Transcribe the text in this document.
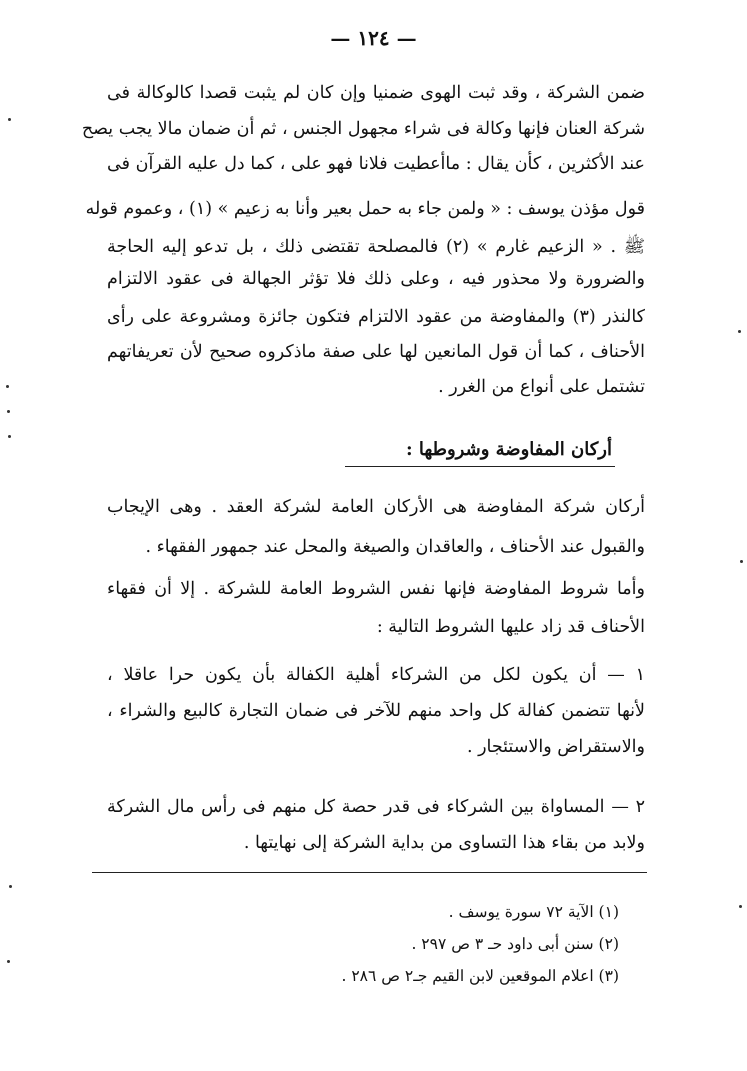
— ١٢٤ —
ضمن الشركة ، وقد ثبت الهوى ضمنيا وإن كان لم يثبت قصدا كالوكالة فى
شركة العنان فإنها وكالة فى شراء مجهول الجنس ، ثم أن ضمان مالا يجب يصح
عند الأكثرين ، كأن يقال : ماأعطيت فلانا فهو على ، كما دل عليه القرآن فى
قول مؤذن يوسف : « ولمن جاء به حمل بعير وأنا به زعيم » (١) ، وعموم قوله
ﷺ . « الزعيم غارم » (٢) فالمصلحة تقتضى ذلك ، بل تدعو إليه الحاجة
والضرورة ولا محذور فيه ، وعلى ذلك فلا تؤثر الجهالة فى عقود الالتزام
كالنذر (٣) والمفاوضة من عقود الالتزام فتكون جائزة ومشروعة على رأى
الأحناف ، كما أن قول المانعين لها على صفة ماذكروه صحيح لأن تعريفاتهم
تشتمل على أنواع من الغرر .
أركان المفاوضة وشروطها :
أركان شركة المفاوضة هى الأركان العامة لشركة العقد . وهى الإيجاب
والقبول عند الأحناف ، والعاقدان والصيغة والمحل عند جمهور الفقهاء .
وأما شروط المفاوضة فإنها نفس الشروط العامة للشركة . إلا أن فقهاء
الأحناف قد زاد عليها الشروط التالية :
١ — أن يكون لكل من الشركاء أهلية الكفالة بأن يكون حرا عاقلا ،
لأنها تتضمن كفالة كل واحد منهم للآخر فى ضمان التجارة كالبيع والشراء ،
والاستقراض والاستئجار .
٢ — المساواة بين الشركاء فى قدر حصة كل منهم فى رأس مال الشركة
ولابد من بقاء هذا التساوى من بداية الشركة إلى نهايتها .
(١) الآية ٧٢ سورة يوسف .
(٢) سنن أبى داود حـ ٣ ص ٢٩٧ .
(٣) اعلام الموقعين لابن القيم جـ٢ ص ٢٨٦ .
